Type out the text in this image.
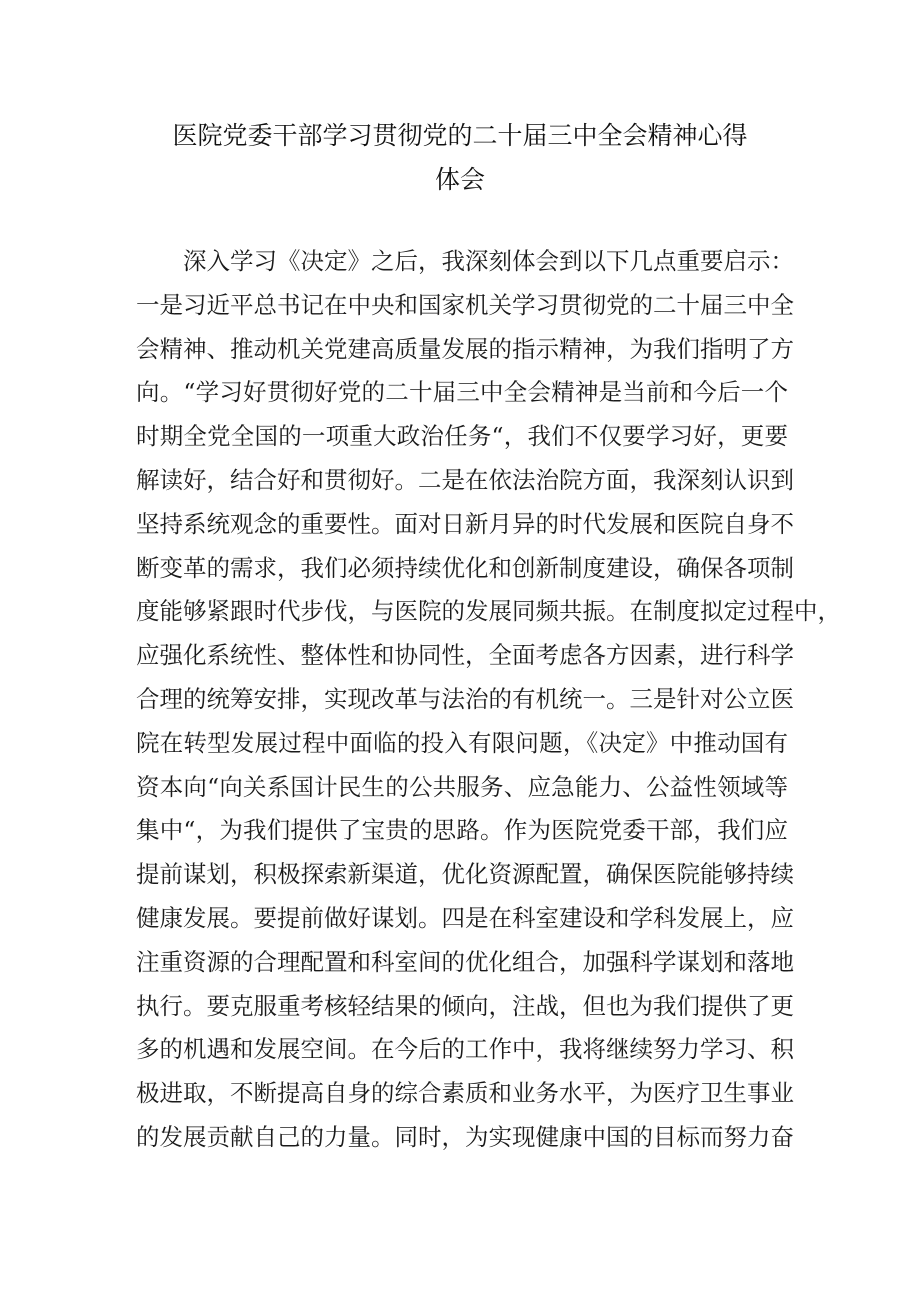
医院党委干部学习贯彻党的二十届三中全会精神心得
体会
深入学习《决定》之后，我深刻体会到以下几点重要启示：
一是习近平总书记在中央和国家机关学习贯彻党的二十届三中全
会精神、推动机关党建高质量发展的指示精神，为我们指明了方
向。“学习好贯彻好党的二十届三中全会精神是当前和今后一个
时期全党全国的一项重大政治任务“，我们不仅要学习好，更要
解读好，结合好和贯彻好。二是在依法治院方面，我深刻认识到
坚持系统观念的重要性。面对日新月异的时代发展和医院自身不
断变革的需求，我们必须持续优化和创新制度建设，确保各项制
度能够紧跟时代步伐，与医院的发展同频共振。在制度拟定过程中，
应强化系统性、整体性和协同性，全面考虑各方因素，进行科学
合理的统筹安排，实现改革与法治的有机统一。三是针对公立医
院在转型发展过程中面临的投入有限问题，《决定》中推动国有
资本向“向关系国计民生的公共服务、应急能力、公益性领域等
集中“，为我们提供了宝贵的思路。作为医院党委干部，我们应
提前谋划，积极探索新渠道，优化资源配置，确保医院能够持续
健康发展。要提前做好谋划。四是在科室建设和学科发展上，应
注重资源的合理配置和科室间的优化组合，加强科学谋划和落地
执行。要克服重考核轻结果的倾向，注战，但也为我们提供了更
多的机遇和发展空间。在今后的工作中，我将继续努力学习、积
极进取，不断提高自身的综合素质和业务水平，为医疗卫生事业
的发展贡献自己的力量。同时，为实现健康中国的目标而努力奋
